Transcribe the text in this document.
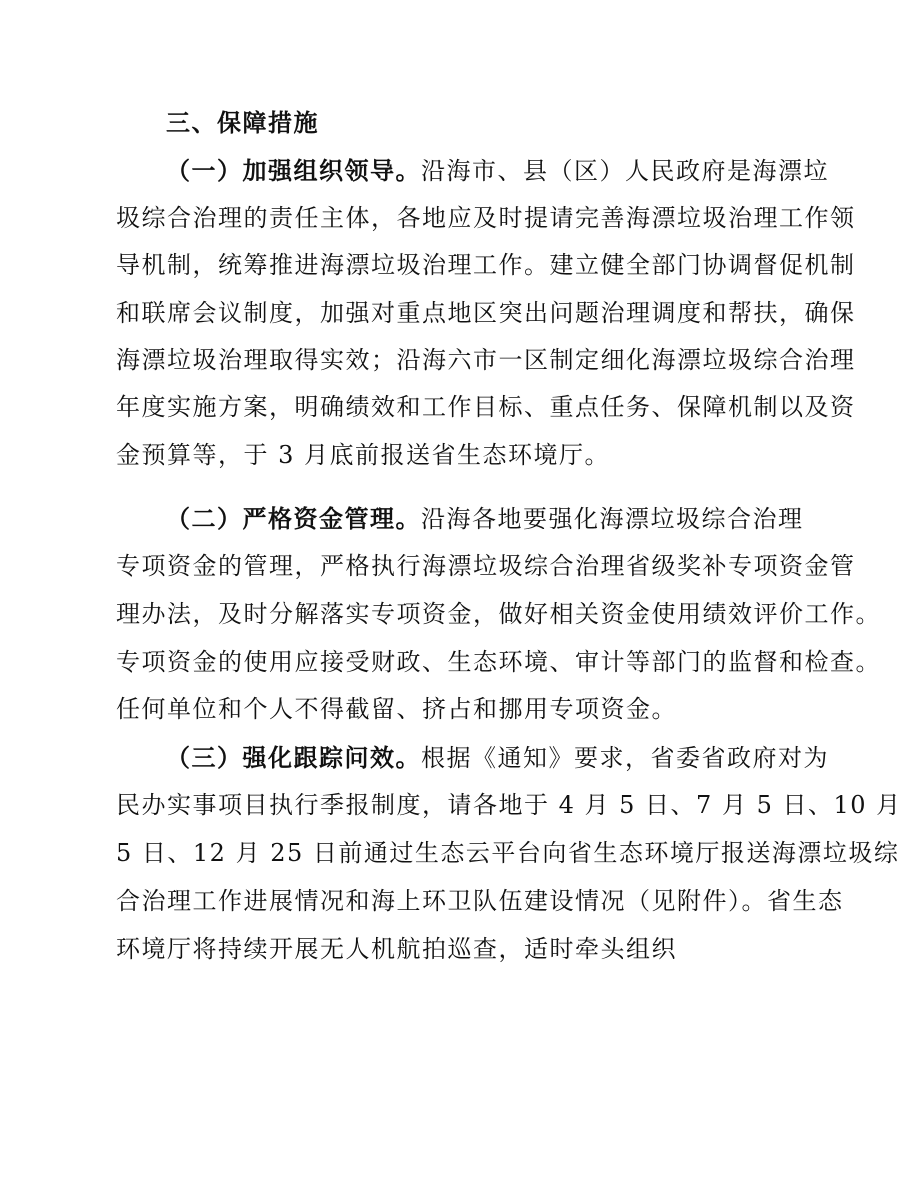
三、保障措施
（一）加强组织领导。沿海市、县（区）人民政府是海漂垃
圾综合治理的责任主体，各地应及时提请完善海漂垃圾治理工作领
导机制，统筹推进海漂垃圾治理工作。建立健全部门协调督促机制
和联席会议制度，加强对重点地区突出问题治理调度和帮扶，确保
海漂垃圾治理取得实效；沿海六市一区制定细化海漂垃圾综合治理
年度实施方案，明确绩效和工作目标、重点任务、保障机制以及资
金预算等，于 3 月底前报送省生态环境厅。
（二）严格资金管理。沿海各地要强化海漂垃圾综合治理
专项资金的管理，严格执行海漂垃圾综合治理省级奖补专项资金管
理办法，及时分解落实专项资金，做好相关资金使用绩效评价工作。
专项资金的使用应接受财政、生态环境、审计等部门的监督和检查。
任何单位和个人不得截留、挤占和挪用专项资金。
（三）强化跟踪问效。根据《通知》要求，省委省政府对为
民办实事项目执行季报制度，请各地于 4 月 5 日、7 月 5 日、10 月
5 日、12 月 25 日前通过生态云平台向省生态环境厅报送海漂垃圾综
合治理工作进展情况和海上环卫队伍建设情况（见附件）。省生态
环境厅将持续开展无人机航拍巡查，适时牵头组织
